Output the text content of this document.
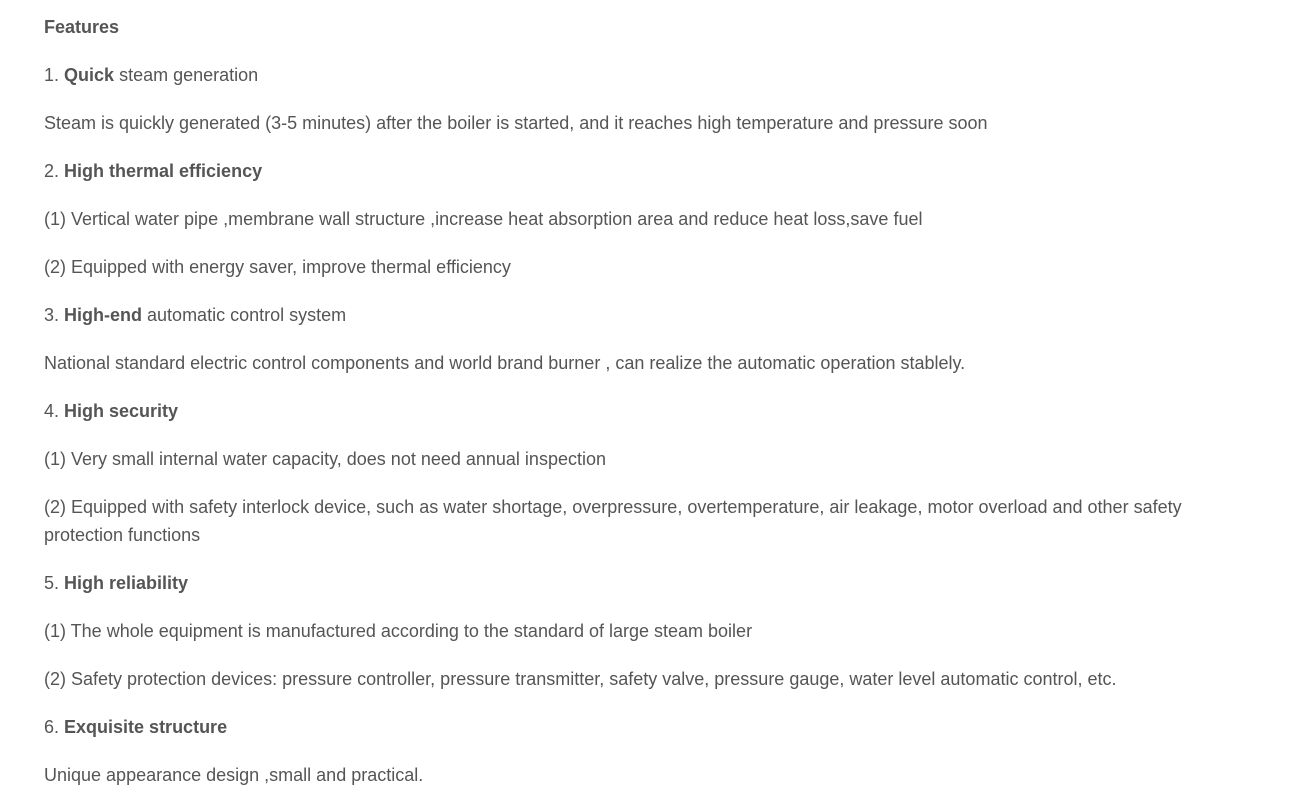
Features

1. Quick steam generation

Steam is quickly generated (3-5 minutes) after the boiler is started, and it reaches high temperature and pressure soon

2. High thermal efficiency

(1) Vertical water pipe ,membrane wall structure ,increase heat absorption area and reduce heat loss,save fuel

(2) Equipped with energy saver, improve thermal efficiency

3. High-end automatic control system

National standard electric control components and world brand burner , can realize the automatic operation stablely.

4. High security

(1) Very small internal water capacity, does not need annual inspection

(2) Equipped with safety interlock device, such as water shortage, overpressure, overtemperature, air leakage, motor overload and other safety protection functions

5. High reliability

(1) The whole equipment is manufactured according to the standard of large steam boiler

(2) Safety protection devices: pressure controller, pressure transmitter, safety valve, pressure gauge, water level automatic control, etc.

6. Exquisite structure

Unique appearance design ,small and practical.
